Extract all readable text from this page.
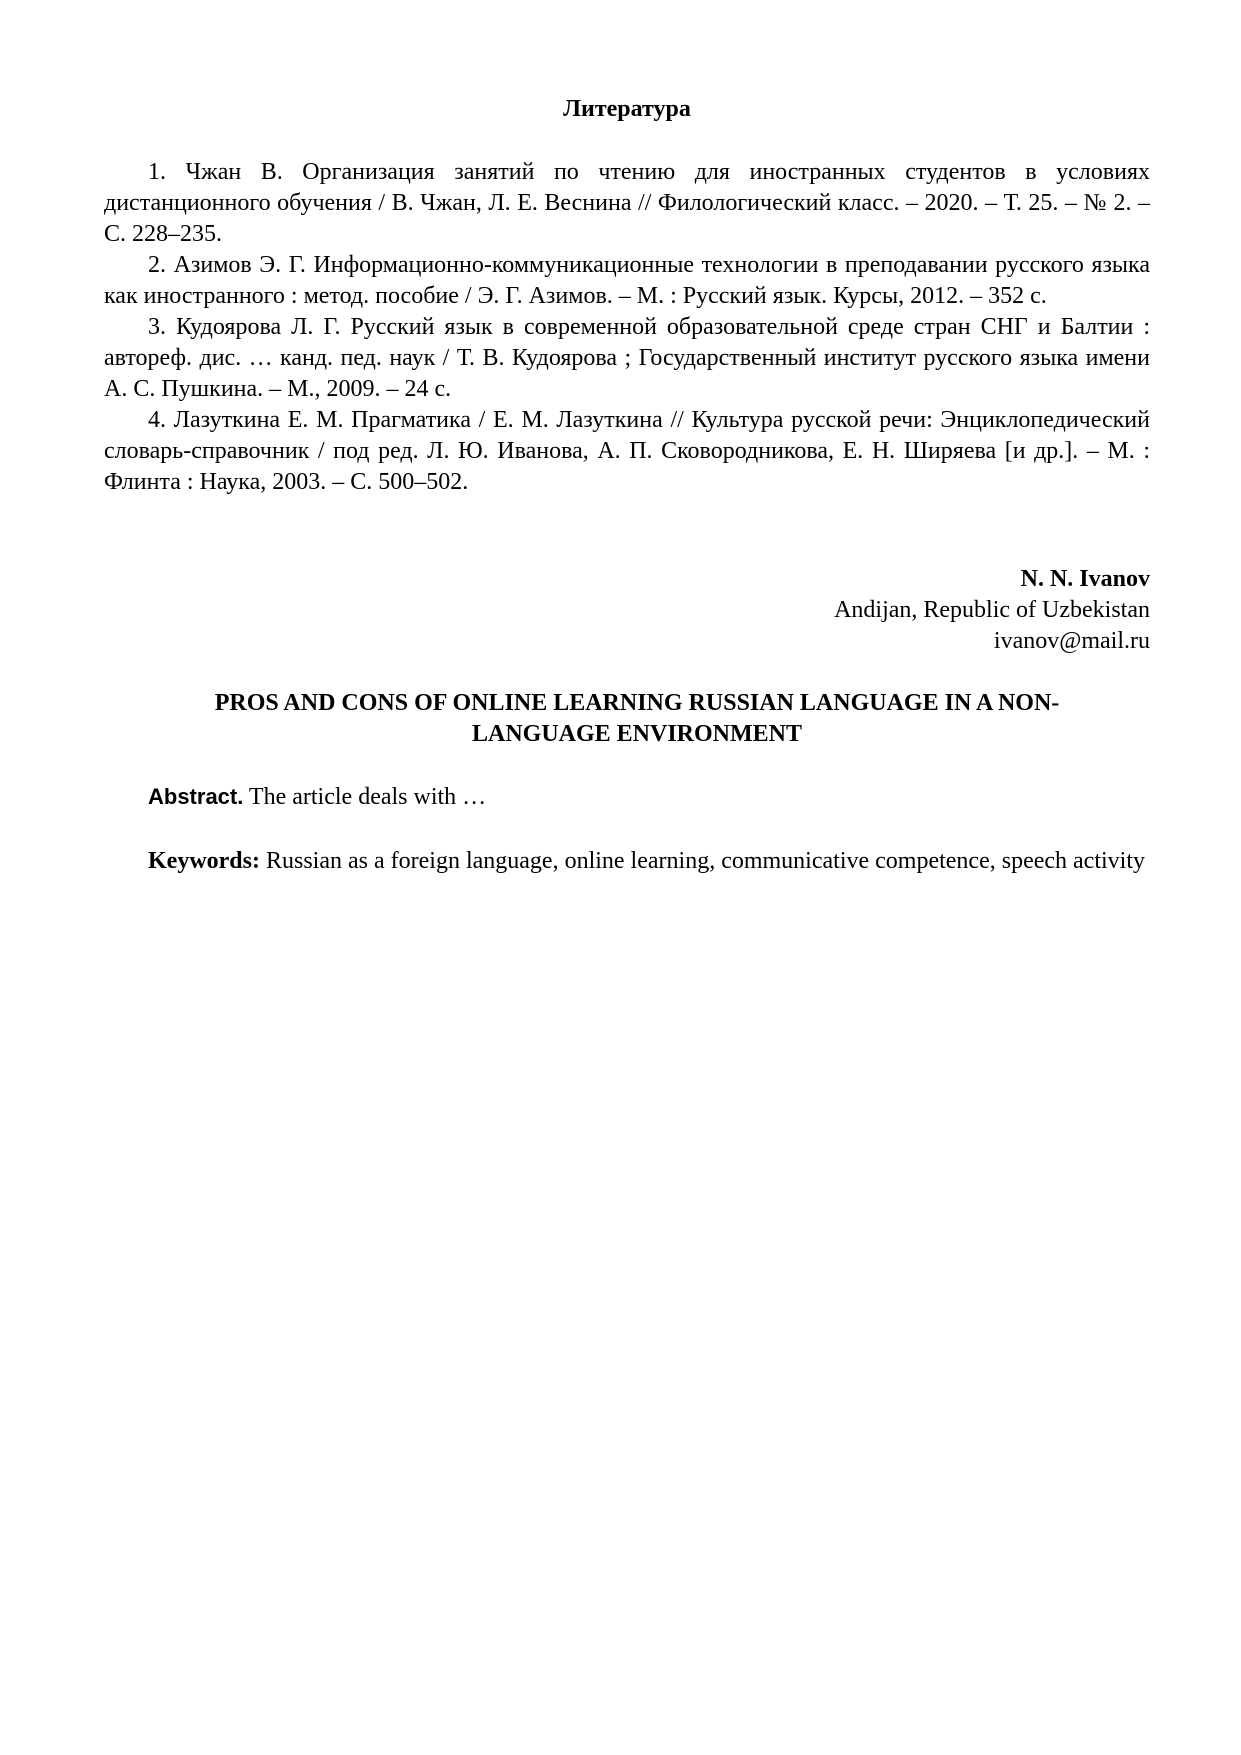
Литература

1. Чжан В. Организация занятий по чтению для иностранных студентов в условиях дистанционного обучения / В. Чжан, Л. Е. Веснина // Филологический класс. – 2020. – Т. 25. – № 2. – С. 228–235.

2. Азимов Э. Г. Информационно-коммуникационные технологии в преподавании русского языка как иностранного : метод. пособие / Э. Г. Азимов. – М. : Русский язык. Курсы, 2012. – 352 с.

3. Кудоярова Л. Г. Русский язык в современной образовательной среде стран СНГ и Балтии : автореф. дис. … канд. пед. наук / Т. В. Кудоярова ; Государственный институт русского языка имени А. С. Пушкина. – М., 2009. – 24 с.

4. Лазуткина Е. М. Прагматика / Е. М. Лазуткина // Культура русской речи: Энциклопедический словарь-справочник / под ред. Л. Ю. Иванова, А. П. Сковородникова, Е. Н. Ширяева [и др.]. – М. : Флинта : Наука, 2003. – С. 500–502.

N. N. Ivanov
Andijan, Republic of Uzbekistan
ivanov@mail.ru
PROS AND CONS OF ONLINE LEARNING RUSSIAN LANGUAGE IN A NON-
LANGUAGE ENVIRONMENT

Abstract. The article deals with …

Keywords: Russian as a foreign language, online learning, communicative competence, speech activity
